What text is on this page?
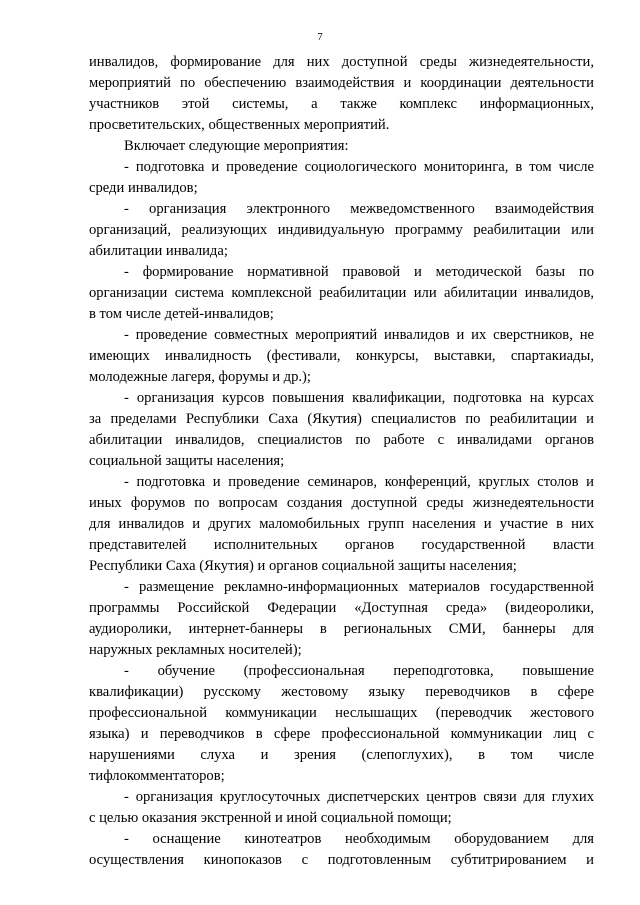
7
инвалидов, формирование для них доступной среды жизнедеятельности,
мероприятий по обеспечению взаимодействия и координации деятельности
участников этой системы, а также комплекс информационных,
просветительских, общественных мероприятий.
Включает следующие мероприятия:
- подготовка и проведение социологического мониторинга, в том числе
среди инвалидов;
- организация электронного межведомственного взаимодействия
организаций, реализующих индивидуальную программу реабилитации или
абилитации инвалида;
- формирование нормативной правовой и методической базы по
организации система комплексной реабилитации или абилитации инвалидов,
в том числе детей-инвалидов;
- проведение совместных мероприятий инвалидов и их сверстников, не
имеющих инвалидность (фестивали, конкурсы, выставки, спартакиады,
молодежные лагеря, форумы и др.);
- организация курсов повышения квалификации, подготовка на курсах
за пределами Республики Саха (Якутия) специалистов по реабилитации и
абилитации инвалидов, специалистов по работе с инвалидами органов
социальной защиты населения;
- подготовка и проведение семинаров, конференций, круглых столов и
иных форумов по вопросам создания доступной среды жизнедеятельности
для инвалидов и других маломобильных групп населения и участие в них
представителей исполнительных органов государственной власти
Республики Саха (Якутия) и органов социальной защиты населения;
- размещение рекламно-информационных материалов государственной
программы Российской Федерации «Доступная среда» (видеоролики,
аудиоролики, интернет-баннеры в региональных СМИ, баннеры для
наружных рекламных носителей);
- обучение (профессиональная переподготовка, повышение
квалификации) русскому жестовому языку переводчиков в сфере
профессиональной коммуникации неслышащих (переводчик жестового
языка) и переводчиков в сфере профессиональной коммуникации лиц с
нарушениями слуха и зрения (слепоглухих), в том числе
тифлокомментаторов;
- организация круглосуточных диспетчерских центров связи для глухих
с целью оказания экстренной и иной социальной помощи;
- оснащение кинотеатров необходимым оборудованием для
осуществления кинопоказов с подготовленным субтитрированием и
